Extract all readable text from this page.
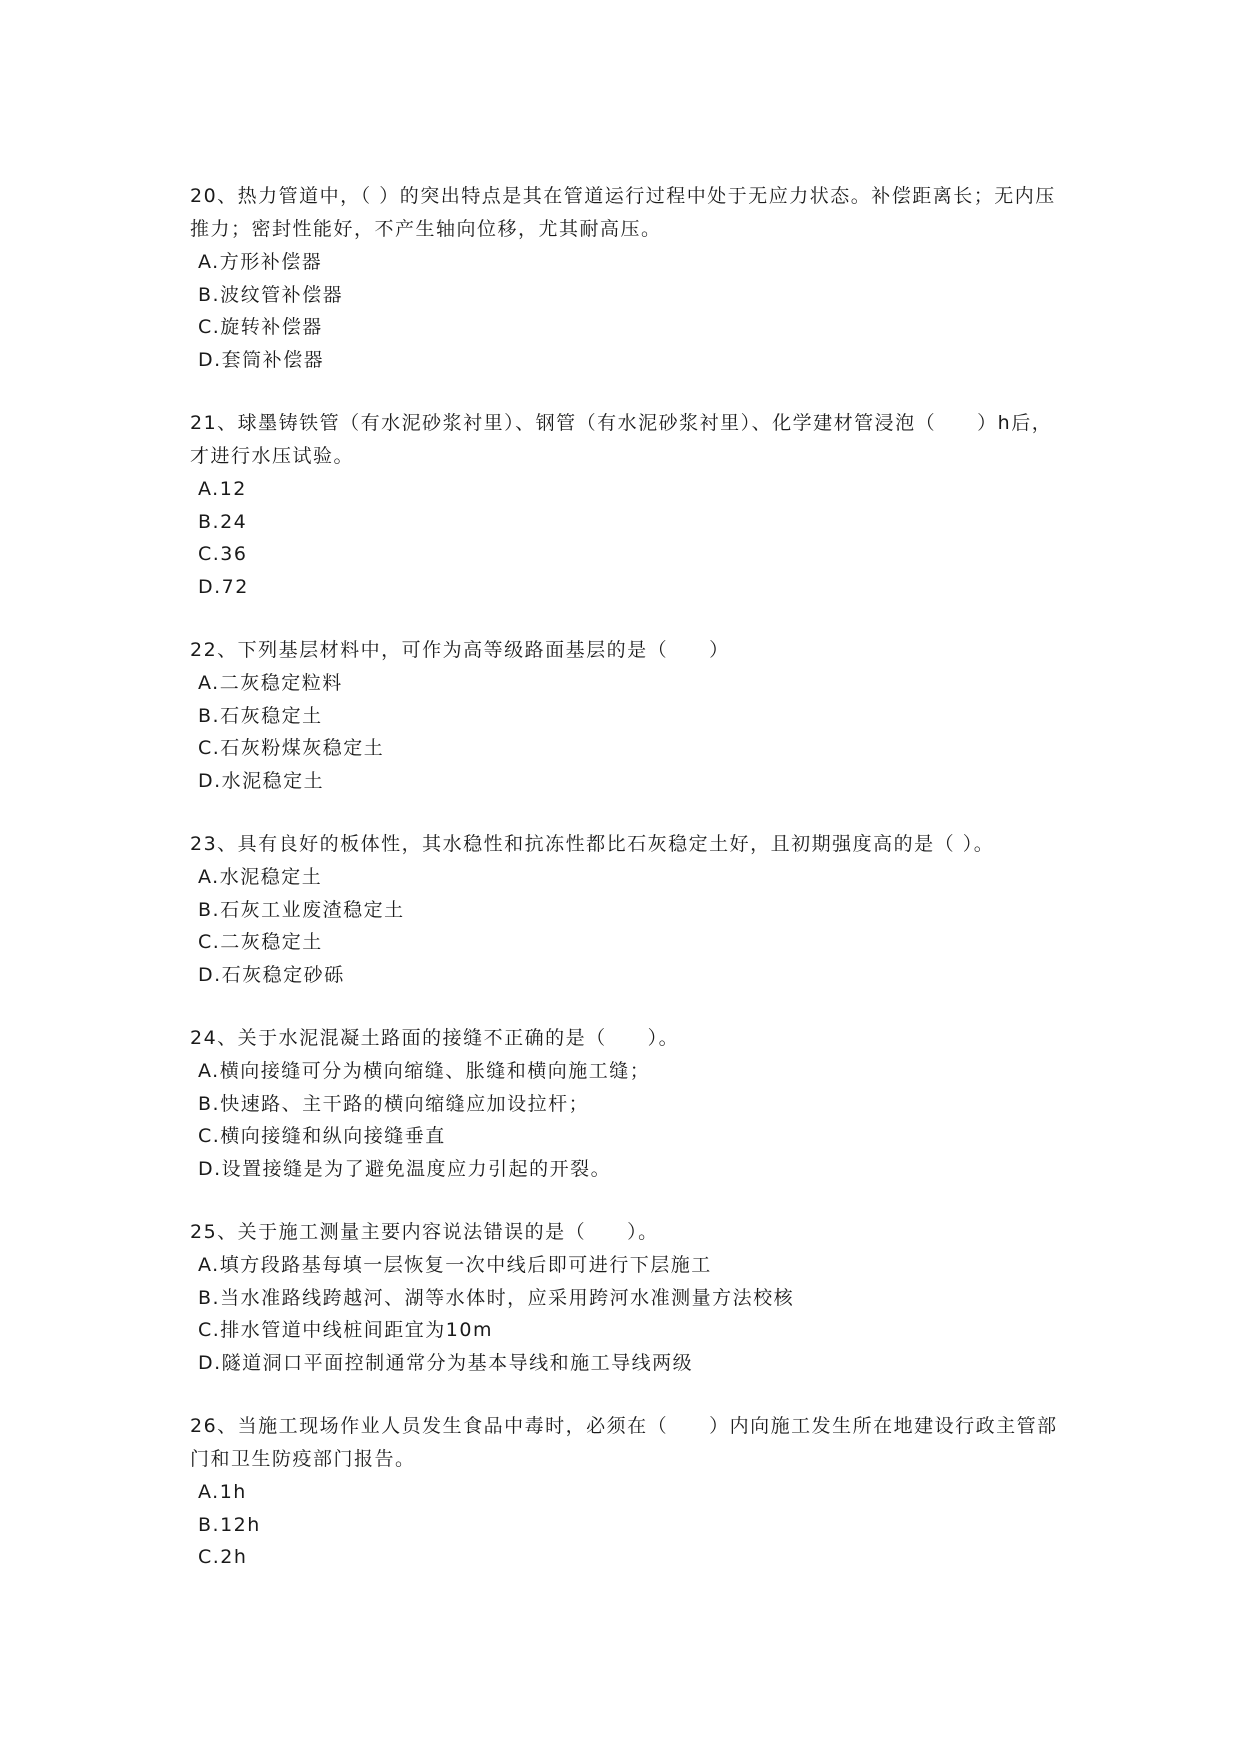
20、热力管道中，（ ）的突出特点是其在管道运行过程中处于无应力状态。补偿距离长；无内压推力；密封性能好，不产生轴向位移，尤其耐高压。

A.方形补偿器
B.波纹管补偿器
C.旋转补偿器
D.套筒补偿器

21、球墨铸铁管（有水泥砂浆衬里）、钢管（有水泥砂浆衬里）、化学建材管浸泡（　　）h后，才进行水压试验。

A.12
B.24
C.36
D.72

22、下列基层材料中，可作为高等级路面基层的是（　　）

A.二灰稳定粒料
B.石灰稳定土
C.石灰粉煤灰稳定土
D.水泥稳定土

23、具有良好的板体性，其水稳性和抗冻性都比石灰稳定土好，且初期强度高的是（ ）。

A.水泥稳定土
B.石灰工业废渣稳定土
C.二灰稳定土
D.石灰稳定砂砾

24、关于水泥混凝土路面的接缝不正确的是（　　）。

A.横向接缝可分为横向缩缝、胀缝和横向施工缝；
B.快速路、主干路的横向缩缝应加设拉杆；
C.横向接缝和纵向接缝垂直
D.设置接缝是为了避免温度应力引起的开裂。

25、关于施工测量主要内容说法错误的是（　　）。

A.填方段路基每填一层恢复一次中线后即可进行下层施工
B.当水准路线跨越河、湖等水体时，应采用跨河水准测量方法校核
C.排水管道中线桩间距宜为10m
D.隧道洞口平面控制通常分为基本导线和施工导线两级

26、当施工现场作业人员发生食品中毒时，必须在（　　）内向施工发生所在地建设行政主管部门和卫生防疫部门报告。

A.1h
B.12h
C.2h
